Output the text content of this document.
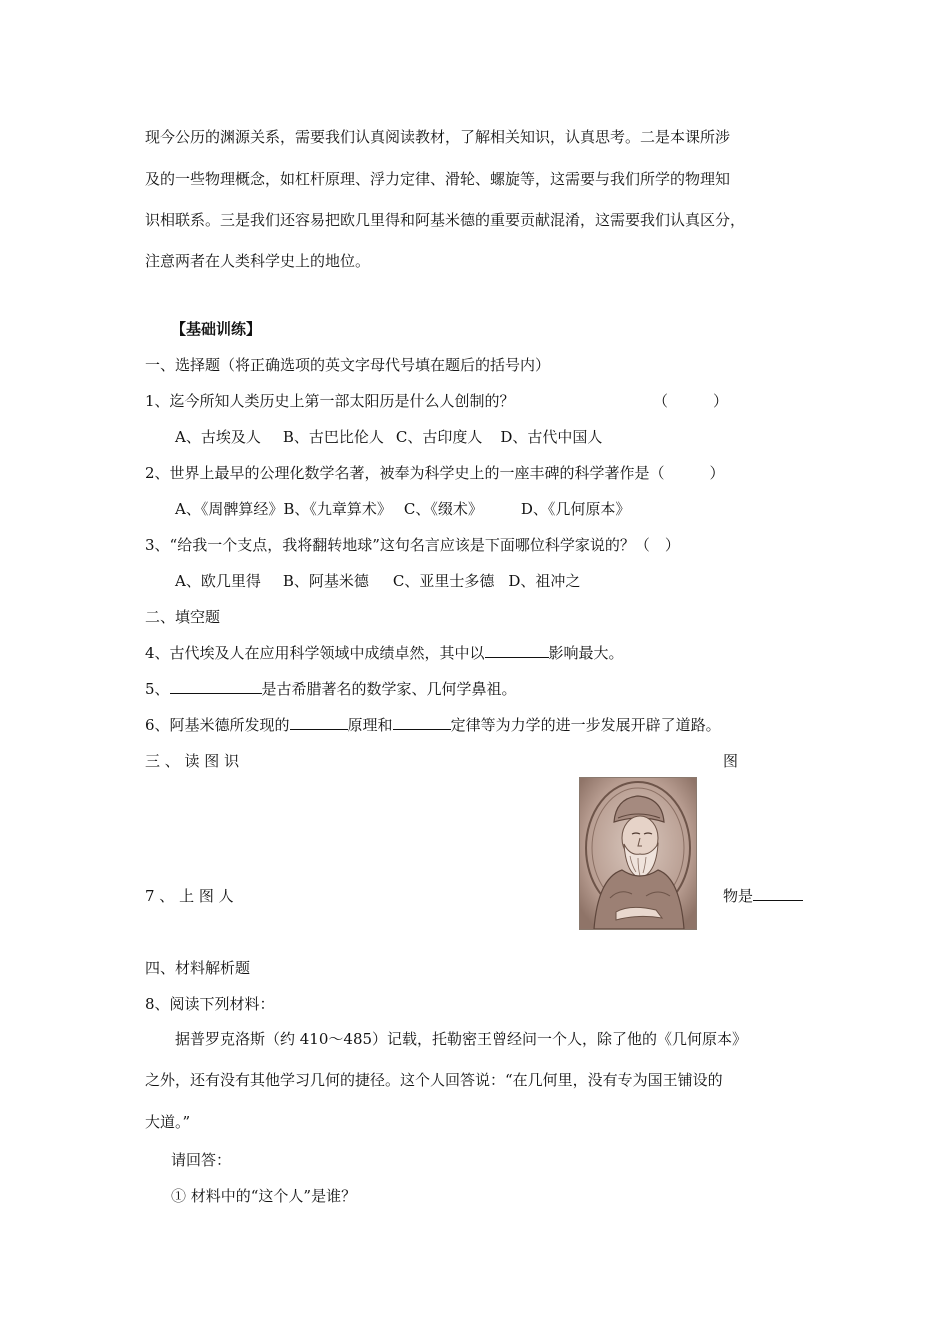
现今公历的渊源关系，需要我们认真阅读教材，了解相关知识，认真思考。二是本课所涉
及的一些物理概念，如杠杆原理、浮力定律、滑轮、螺旋等，这需要与我们所学的物理知
识相联系。三是我们还容易把欧几里得和阿基米德的重要贡献混淆，这需要我们认真区分，
注意两者在人类科学史上的地位。
【基础训练】
一、选择题（将正确选项的英文字母代号填在题后的括号内）
1、迄今所知人类历史上第一部太阳历是什么人创制的？	（　　　）
A、古埃及人 B、古巴比伦人 C、古印度人 D、古代中国人
2、世界上最早的公理化数学名著，被奉为科学史上的一座丰碑的科学著作是（　　　）
A、《周髀算经》B、《九章算术》 C、《缀术》	D、《几何原本》
3、“给我一个支点，我将翻转地球”这句名言应该是下面哪位科学家说的？（　）
A、欧几里得 B、阿基米德 C、亚里士多德 D、祖冲之
二、填空题
4、古代埃及人在应用科学领域中成绩卓然，其中以	影响最大。
5、	是古希腊著名的数学家、几何学鼻祖。
6、阿基米德所发现的	原理和	定律等为力学的进一步发展开辟了道路。
三 、 读 图 识	图
7 、 上 图 人	物是
四、材料解析题
8、阅读下列材料：
据普罗克洛斯（约 410～485）记载，托勒密王曾经问一个人，除了他的《几何原本》
之外，还有没有其他学习几何的捷径。这个人回答说：“在几何里，没有专为国王铺设的
大道。”
请回答：
① 材料中的“这个人”是谁？
